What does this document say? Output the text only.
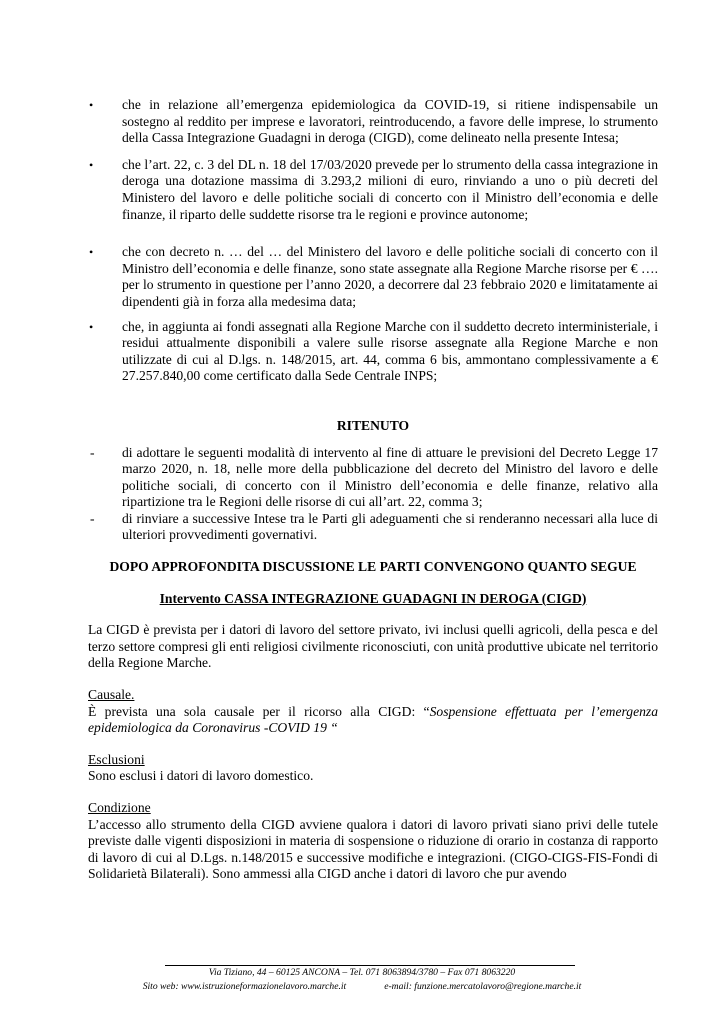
• che in relazione all’emergenza epidemiologica da COVID-19, si ritiene indispensabile un sostegno al reddito per imprese e lavoratori, reintroducendo, a favore delle imprese, lo strumento della Cassa Integrazione Guadagni in deroga (CIGD), come delineato nella presente Intesa;
• che l’art. 22, c. 3 del DL n. 18 del 17/03/2020 prevede per lo strumento della cassa integrazione in deroga una dotazione massima di 3.293,2 milioni di euro, rinviando a uno o più decreti del Ministero del lavoro e delle politiche sociali di concerto con il Ministro dell’economia e delle finanze, il riparto delle suddette risorse tra le regioni e province autonome;
• che con decreto n. … del … del Ministero del lavoro e delle politiche sociali di concerto con il Ministro dell’economia e delle finanze, sono state assegnate alla Regione Marche risorse per € …. per lo strumento in questione per l’anno 2020, a decorrere dal 23 febbraio 2020 e limitatamente ai dipendenti già in forza alla medesima data;
• che, in aggiunta ai fondi assegnati alla Regione Marche con il suddetto decreto interministeriale, i residui attualmente disponibili a valere sulle risorse assegnate alla Regione Marche e non utilizzate di cui al D.lgs. n. 148/2015, art. 44, comma 6 bis, ammontano complessivamente a € 27.257.840,00 come certificato dalla Sede Centrale INPS;
RITENUTO
- di adottare le seguenti modalità di intervento al fine di attuare le previsioni del Decreto Legge 17 marzo 2020, n. 18, nelle more della pubblicazione del decreto del Ministro del lavoro e delle politiche sociali, di concerto con il Ministro dell’economia e delle finanze, relativo alla ripartizione tra le Regioni delle risorse di cui all’art. 22, comma 3;
- di rinviare a successive Intese tra le Parti gli adeguamenti che si renderanno necessari alla luce di ulteriori provvedimenti governativi.
DOPO APPROFONDITA DISCUSSIONE LE PARTI CONVENGONO QUANTO SEGUE
Intervento CASSA INTEGRAZIONE GUADAGNI IN DEROGA (CIGD)
La CIGD è prevista per i datori di lavoro del settore privato, ivi inclusi quelli agricoli, della pesca e del terzo settore compresi gli enti religiosi civilmente riconosciuti, con unità produttive ubicate nel territorio della Regione Marche.
Causale.
È prevista una sola causale per il ricorso alla CIGD: “Sospensione effettuata per l’emergenza epidemiologica da Coronavirus -COVID 19 “
Esclusioni
Sono esclusi i datori di lavoro domestico.
Condizione
L’accesso allo strumento della CIGD avviene qualora i datori di lavoro privati siano privi delle tutele previste dalle vigenti disposizioni in materia di sospensione o riduzione di orario in costanza di rapporto di lavoro di cui al D.Lgs. n.148/2015 e successive modifiche e integrazioni. (CIGO-CIGS-FIS-Fondi di Solidarietà Bilaterali). Sono ammessi alla CIGD anche i datori di lavoro che pur avendo
Via Tiziano, 44 – 60125 ANCONA – Tel. 071 8063894/3780 – Fax 071 8063220
Sito web: www.istruzioneformazionelavoro.marche.it	e-mail: funzione.mercatolavoro@regione.marche.it
